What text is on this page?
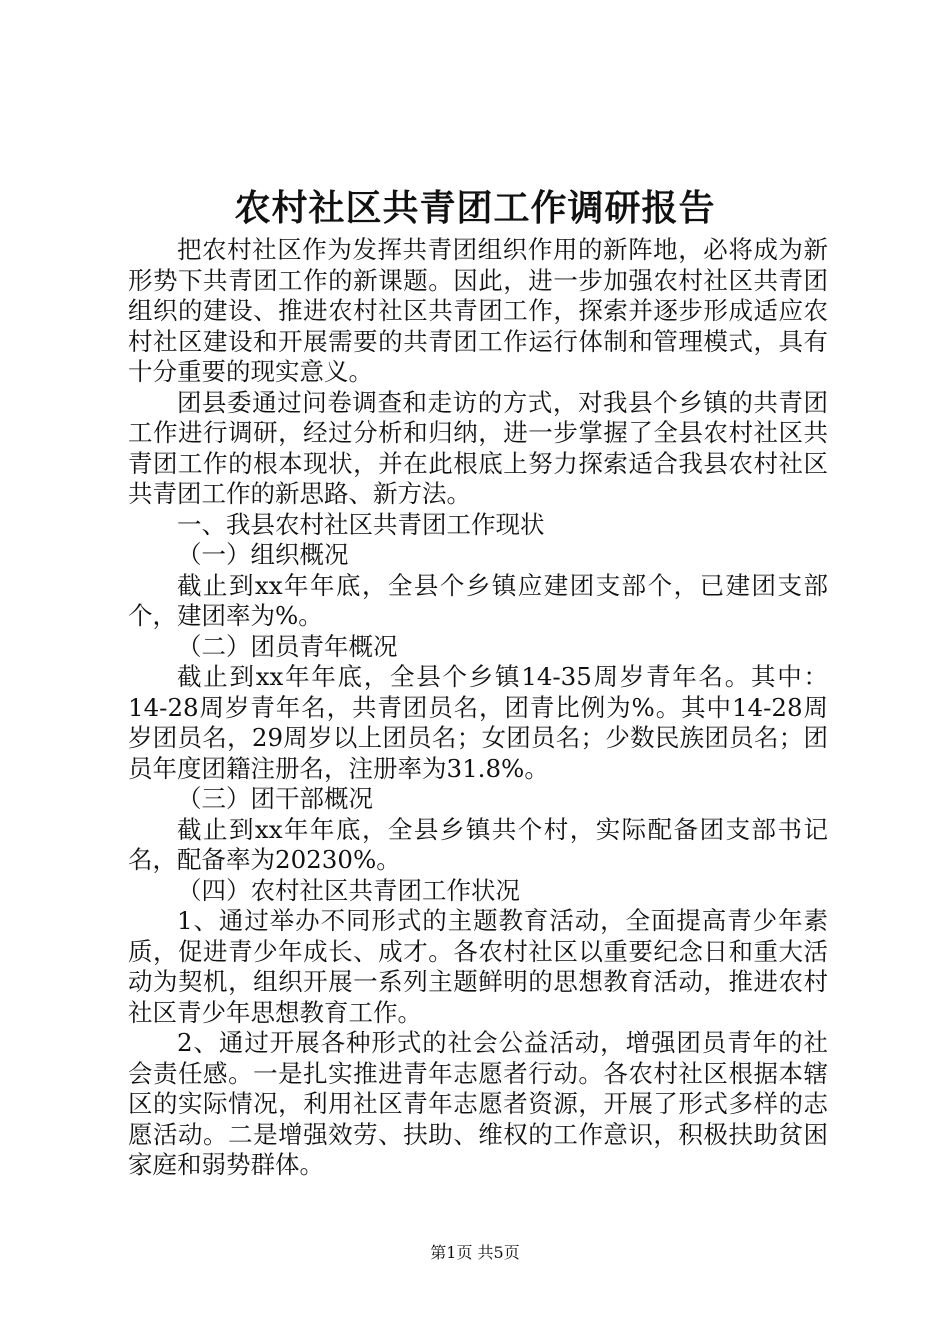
农村社区共青团工作调研报告

把农村社区作为发挥共青团组织作用的新阵地，必将成为新形势下共青团工作的新课题。因此，进一步加强农村社区共青团组织的建设、推进农村社区共青团工作，探索并逐步形成适应农村社区建设和开展需要的共青团工作运行体制和管理模式，具有十分重要的现实意义。

团县委通过问卷调查和走访的方式，对我县个乡镇的共青团工作进行调研，经过分析和归纳，进一步掌握了全县农村社区共青团工作的根本现状，并在此根底上努力探索适合我县农村社区共青团工作的新思路、新方法。

一、我县农村社区共青团工作现状

（一）组织概况

截止到xx年年底，全县个乡镇应建团支部个，已建团支部个，建团率为%。

（二）团员青年概况

截止到xx年年底，全县个乡镇14-35周岁青年名。其中：14-28周岁青年名，共青团员名，团青比例为%。其中14-28周岁团员名，29周岁以上团员名；女团员名；少数民族团员名；团员年度团籍注册名，注册率为31.8%。

（三）团干部概况

截止到xx年年底，全县乡镇共个村，实际配备团支部书记名，配备率为20230%。

（四）农村社区共青团工作状况

1、通过举办不同形式的主题教育活动，全面提高青少年素质，促进青少年成长、成才。各农村社区以重要纪念日和重大活动为契机，组织开展一系列主题鲜明的思想教育活动，推进农村社区青少年思想教育工作。

2、通过开展各种形式的社会公益活动，增强团员青年的社会责任感。一是扎实推进青年志愿者行动。各农村社区根据本辖区的实际情况，利用社区青年志愿者资源，开展了形式多样的志愿活动。二是增强效劳、扶助、维权的工作意识，积极扶助贫困家庭和弱势群体。

第1页 共5页
